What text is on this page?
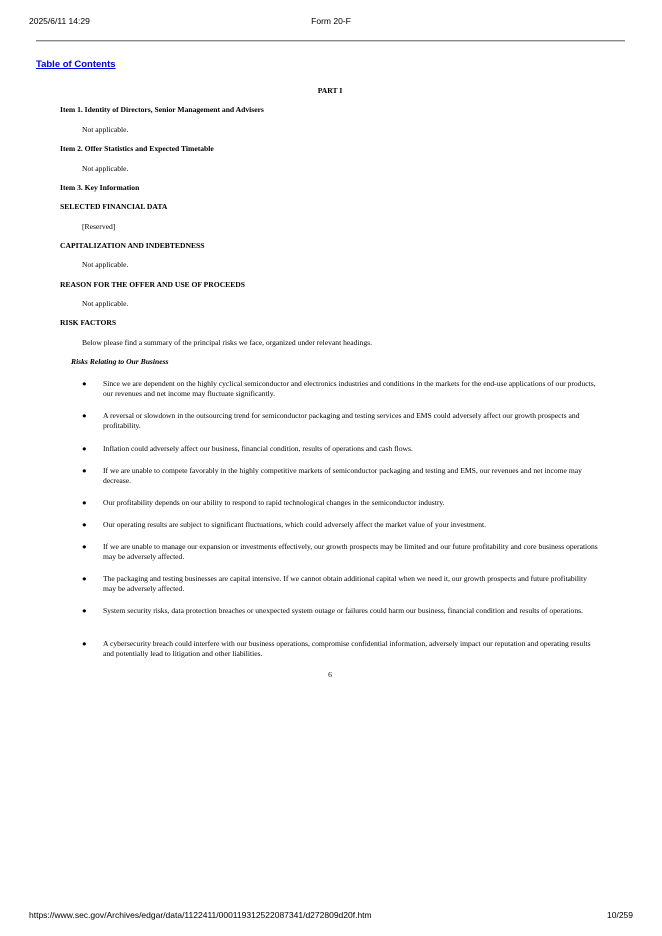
2025/6/11 14:29	Form 20-F
Table of Contents
PART I
Item 1. Identity of Directors, Senior Management and Advisers
Not applicable.
Item 2. Offer Statistics and Expected Timetable
Not applicable.
Item 3. Key Information
SELECTED FINANCIAL DATA
[Reserved]
CAPITALIZATION AND INDEBTEDNESS
Not applicable.
REASON FOR THE OFFER AND USE OF PROCEEDS
Not applicable.
RISK FACTORS
Below please find a summary of the principal risks we face, organized under relevant headings.
Risks Relating to Our Business
● Since we are dependent on the highly cyclical semiconductor and electronics industries and conditions in the markets for the end-use applications of our products, our revenues and net income may fluctuate significantly.
● A reversal or slowdown in the outsourcing trend for semiconductor packaging and testing services and EMS could adversely affect our growth prospects and profitability.
● Inflation could adversely affect our business, financial condition, results of operations and cash flows.
● If we are unable to compete favorably in the highly competitive markets of semiconductor packaging and testing and EMS, our revenues and net income may decrease.
● Our profitability depends on our ability to respond to rapid technological changes in the semiconductor industry.
● Our operating results are subject to significant fluctuations, which could adversely affect the market value of your investment.
● If we are unable to manage our expansion or investments effectively, our growth prospects may be limited and our future profitability and core business operations may be adversely affected.
● The packaging and testing businesses are capital intensive. If we cannot obtain additional capital when we need it, our growth prospects and future profitability may be adversely affected.
● System security risks, data protection breaches or unexpected system outage or failures could harm our business, financial condition and results of operations.
● A cybersecurity breach could interfere with our business operations, compromise confidential information, adversely impact our reputation and operating results and potentially lead to litigation and other liabilities.
6
https://www.sec.gov/Archives/edgar/data/1122411/000119312522087341/d272809d20f.htm	10/259
